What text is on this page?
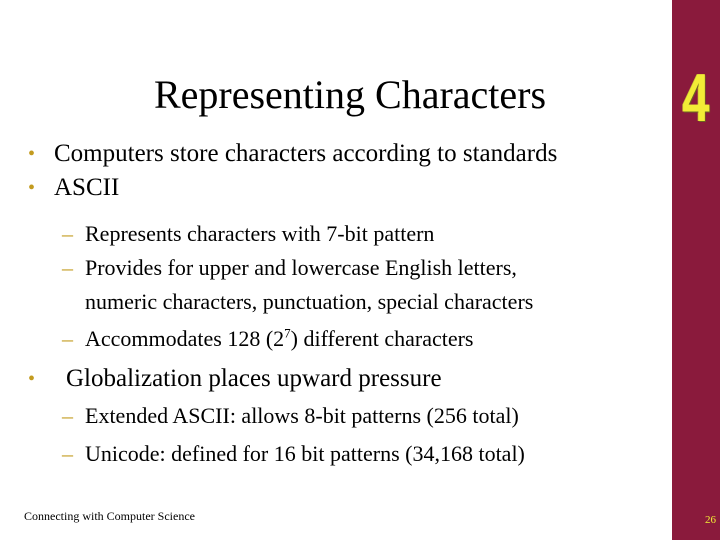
4
26
Representing Characters
• Computers store characters according to standards

• ASCII

– Represents characters with 7-bit pattern

– Provides for upper and lowercase English letters,

numeric characters, punctuation, special characters

– Accommodates 128 $(2^7)$ different characters

• Globalization places upward pressure

– Extended ASCII: allows 8-bit patterns (256 total)

– Unicode: defined for 16 bit patterns (34,168 total)

Connecting with Computer Science
